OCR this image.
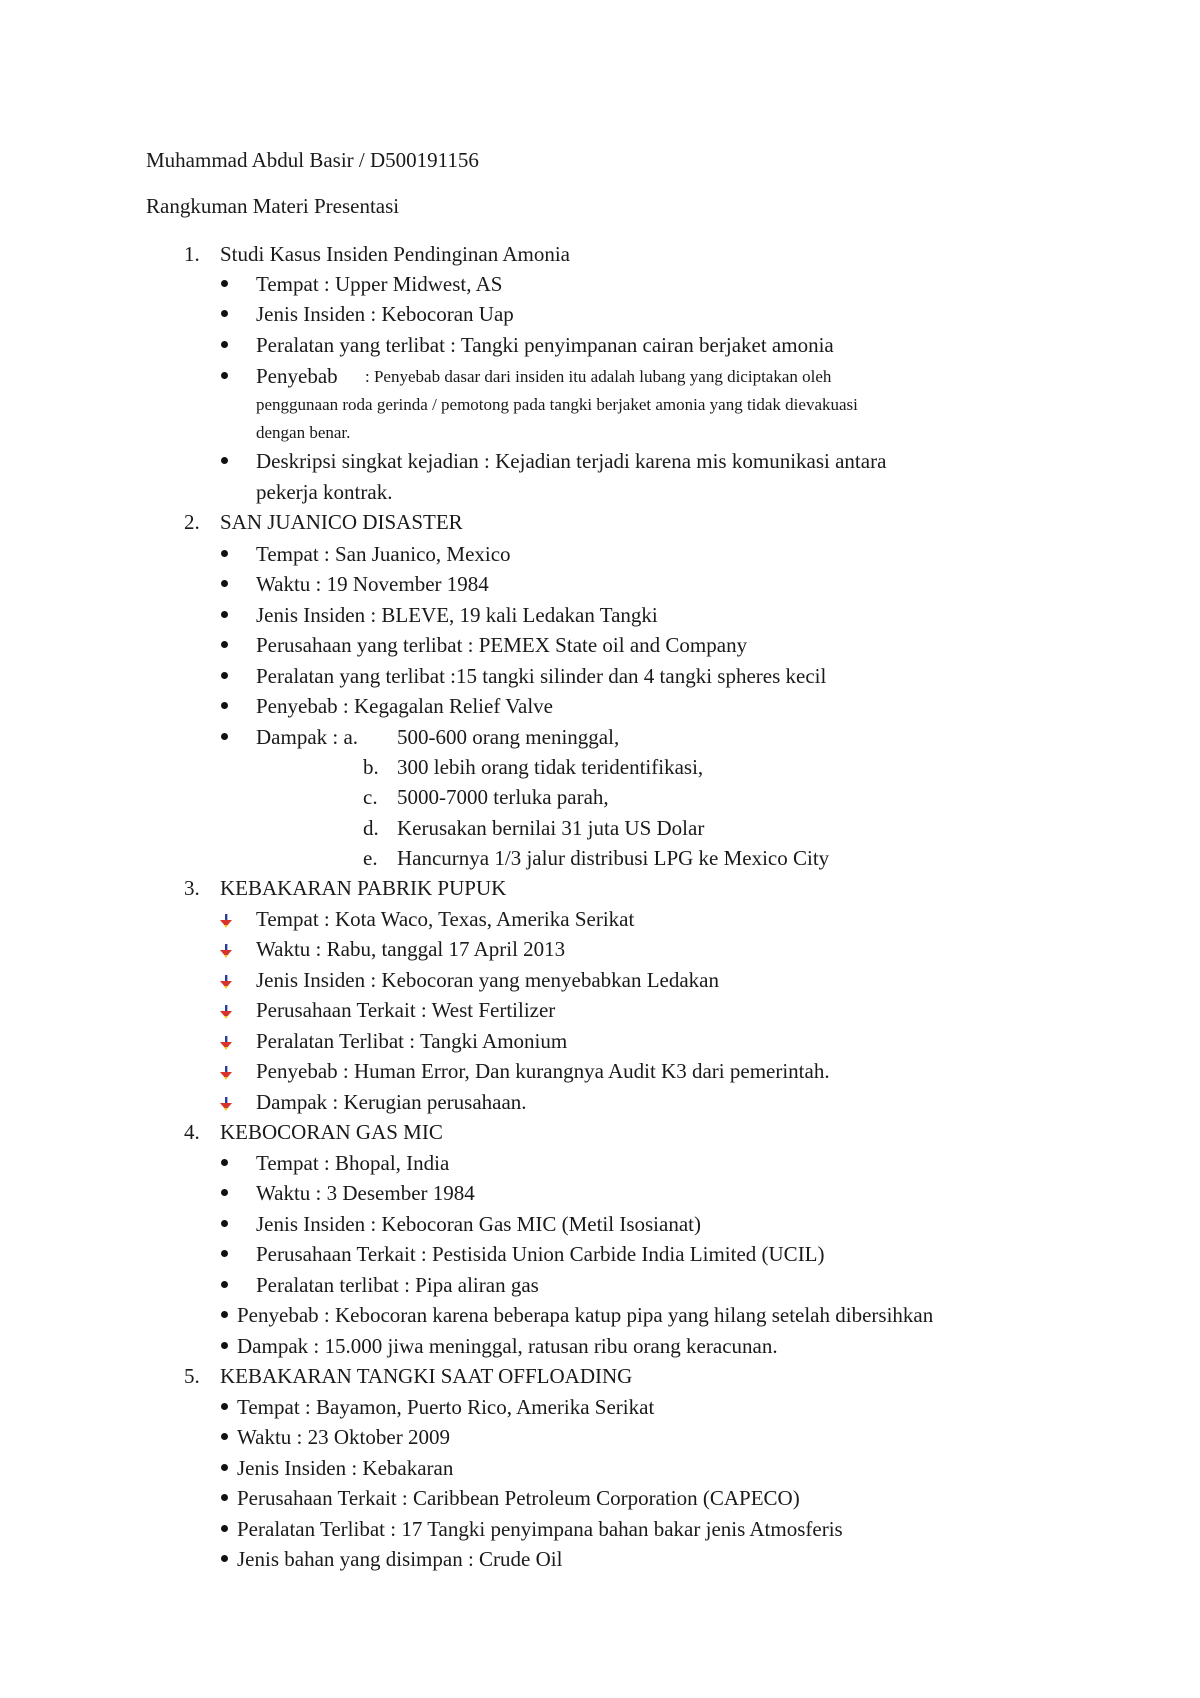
Muhammad Abdul Basir / D500191156
Rangkuman Materi Presentasi
1. Studi Kasus Insiden Pendinginan Amonia
Tempat : Upper Midwest, AS
Jenis Insiden : Kebocoran Uap
Peralatan yang terlibat : Tangki penyimpanan cairan berjaket amonia
Penyebab : Penyebab dasar dari insiden itu adalah lubang yang diciptakan oleh
penggunaan roda gerinda / pemotong pada tangki berjaket amonia yang tidak dievakuasi
dengan benar.
Deskripsi singkat kejadian : Kejadian terjadi karena mis komunikasi antara
pekerja kontrak.
2. SAN JUANICO DISASTER
Tempat : San Juanico, Mexico
Waktu : 19 November 1984
Jenis Insiden : BLEVE, 19 kali Ledakan Tangki
Perusahaan yang terlibat : PEMEX State oil and Company
Peralatan yang terlibat :15 tangki silinder dan 4 tangki spheres kecil
Penyebab : Kegagalan Relief Valve
Dampak : a. 500-600 orang meninggal,
b. 300 lebih orang tidak teridentifikasi,
c. 5000-7000 terluka parah,
d. Kerusakan bernilai 31 juta US Dolar
e. Hancurnya 1/3 jalur distribusi LPG ke Mexico City
3. KEBAKARAN PABRIK PUPUK
Tempat : Kota Waco, Texas, Amerika Serikat
Waktu : Rabu, tanggal 17 April 2013
Jenis Insiden : Kebocoran yang menyebabkan Ledakan
Perusahaan Terkait : West Fertilizer
Peralatan Terlibat : Tangki Amonium
Penyebab : Human Error, Dan kurangnya Audit K3 dari pemerintah.
Dampak : Kerugian perusahaan.
4. KEBOCORAN GAS MIC
Tempat : Bhopal, India
Waktu : 3 Desember 1984
Jenis Insiden : Kebocoran Gas MIC (Metil Isosianat)
Perusahaan Terkait : Pestisida Union Carbide India Limited (UCIL)
Peralatan terlibat : Pipa aliran gas
Penyebab : Kebocoran karena beberapa katup pipa yang hilang setelah dibersihkan
Dampak : 15.000 jiwa meninggal, ratusan ribu orang keracunan.
5. KEBAKARAN TANGKI SAAT OFFLOADING
Tempat : Bayamon, Puerto Rico, Amerika Serikat
Waktu : 23 Oktober 2009
Jenis Insiden : Kebakaran
Perusahaan Terkait : Caribbean Petroleum Corporation (CAPECO)
Peralatan Terlibat : 17 Tangki penyimpana bahan bakar jenis Atmosferis
Jenis bahan yang disimpan : Crude Oil
